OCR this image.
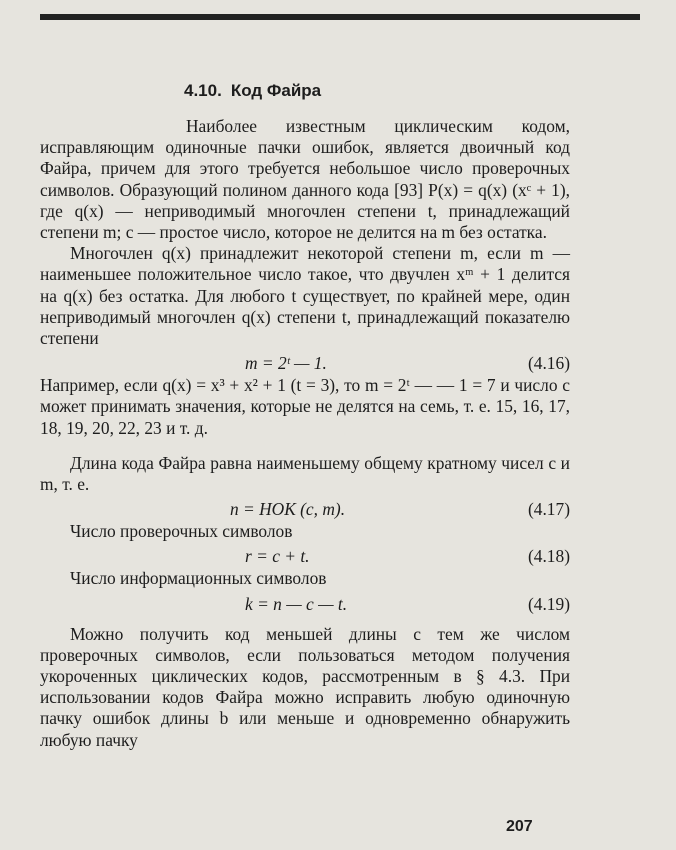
4.10. Код Файра

Наиболее известным циклическим кодом, исправляющим одиночные пачки ошибок, является двоичный код Файра, причем для этого требуется небольшое число проверочных символов. Образующий полином данного кода [93] P(x) = q(x) (xᶜ + 1), где q(x) — неприводимый многочлен степени t, принадлежащий степени m; c — простое число, которое не делится на m без остатка.

Многочлен q(x) принадлежит некоторой степени m, если m — наименьшее положительное число такое, что двучлен xᵐ + 1 делится на q(x) без остатка. Для любого t существует, по крайней мере, один неприводимый многочлен q(x) степени t, принадлежащий показателю степени

m = 2ᵗ — 1.	(4.16)

Например, если q(x) = x³ + x² + 1 (t = 3), то m = 2ᵗ — — 1 = 7 и число c может принимать значения, которые не делятся на семь, т. е. 15, 16, 17, 18, 19, 20, 22, 23 и т. д.

Длина кода Файра равна наименьшему общему кратному чисел c и m, т. е.

n = НОК (c, m).	(4.17)

Число проверочных символов

r = c + t.	(4.18)

Число информационных символов

k = n — c — t.	(4.19)

Можно получить код меньшей длины с тем же числом проверочных символов, если пользоваться методом получения укороченных циклических кодов, рассмотренным в § 4.3. При использовании кодов Файра можно исправить любую одиночную пачку ошибок длины b или меньше и одновременно обнаружить любую пачку

207
